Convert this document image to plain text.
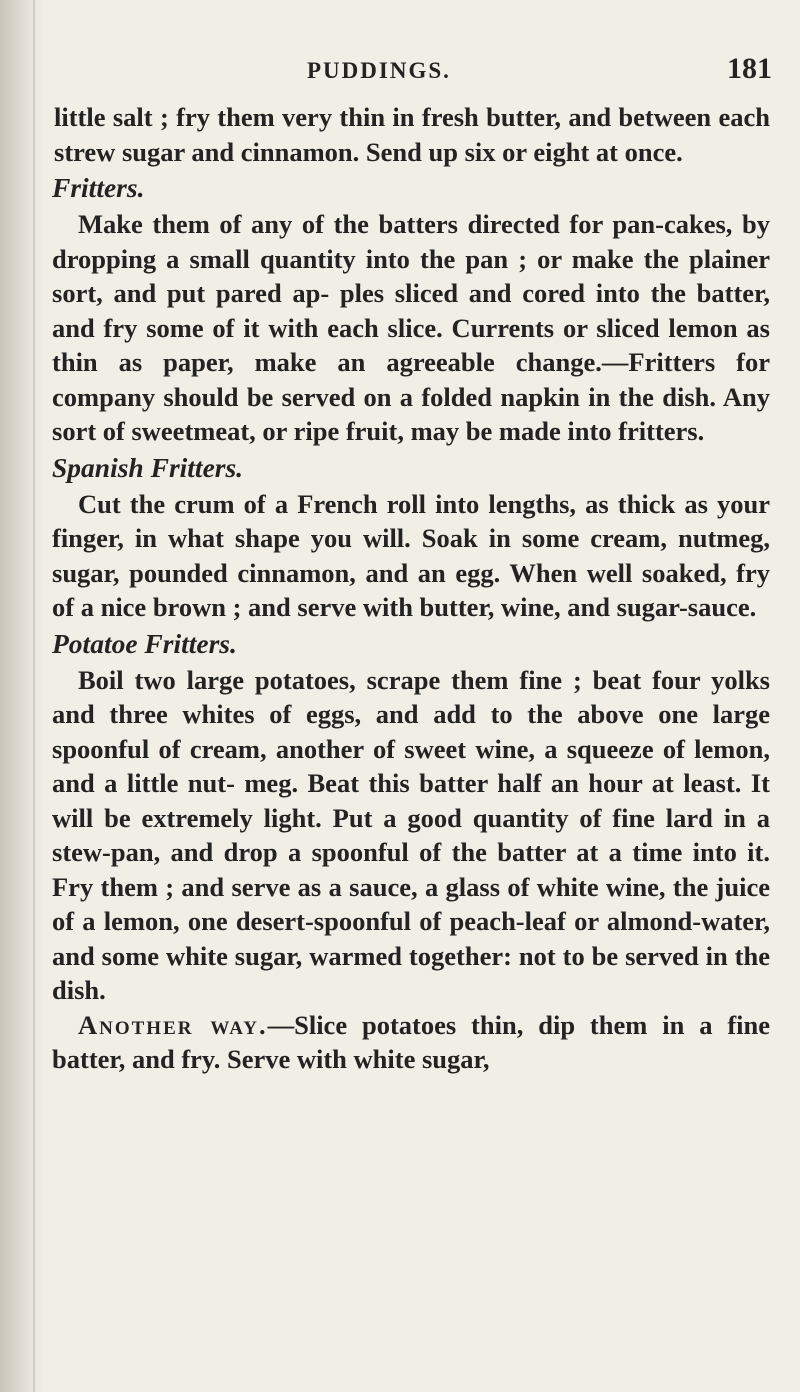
PUDDINGS.	181

little salt ; fry them very thin in fresh butter, and between each strew sugar and cinnamon. Send up six or eight at once.

Fritters.

Make them of any of the batters directed for pan-cakes, by dropping a small quantity into the pan ; or make the plainer sort, and put pared ap- ples sliced and cored into the batter, and fry some of it with each slice. Currents or sliced lemon as thin as paper, make an agreeable change.—Fritters for company should be served on a folded napkin in the dish. Any sort of sweetmeat, or ripe fruit, may be made into fritters.

Spanish Fritters.

Cut the crum of a French roll into lengths, as thick as your finger, in what shape you will. Soak in some cream, nutmeg, sugar, pounded cinnamon, and an egg. When well soaked, fry of a nice brown ; and serve with butter, wine, and sugar-sauce.

Potatoe Fritters.

Boil two large potatoes, scrape them fine ; beat four yolks and three whites of eggs, and add to the above one large spoonful of cream, another of sweet wine, a squeeze of lemon, and a little nut- meg. Beat this batter half an hour at least. It will be extremely light. Put a good quantity of fine lard in a stew-pan, and drop a spoonful of the batter at a time into it. Fry them ; and serve as a sauce, a glass of white wine, the juice of a lemon, one desert-spoonful of peach-leaf or almond-water, and some white sugar, warmed together: not to be served in the dish.

Another way.—Slice potatoes thin, dip them in a fine batter, and fry. Serve with white sugar,
